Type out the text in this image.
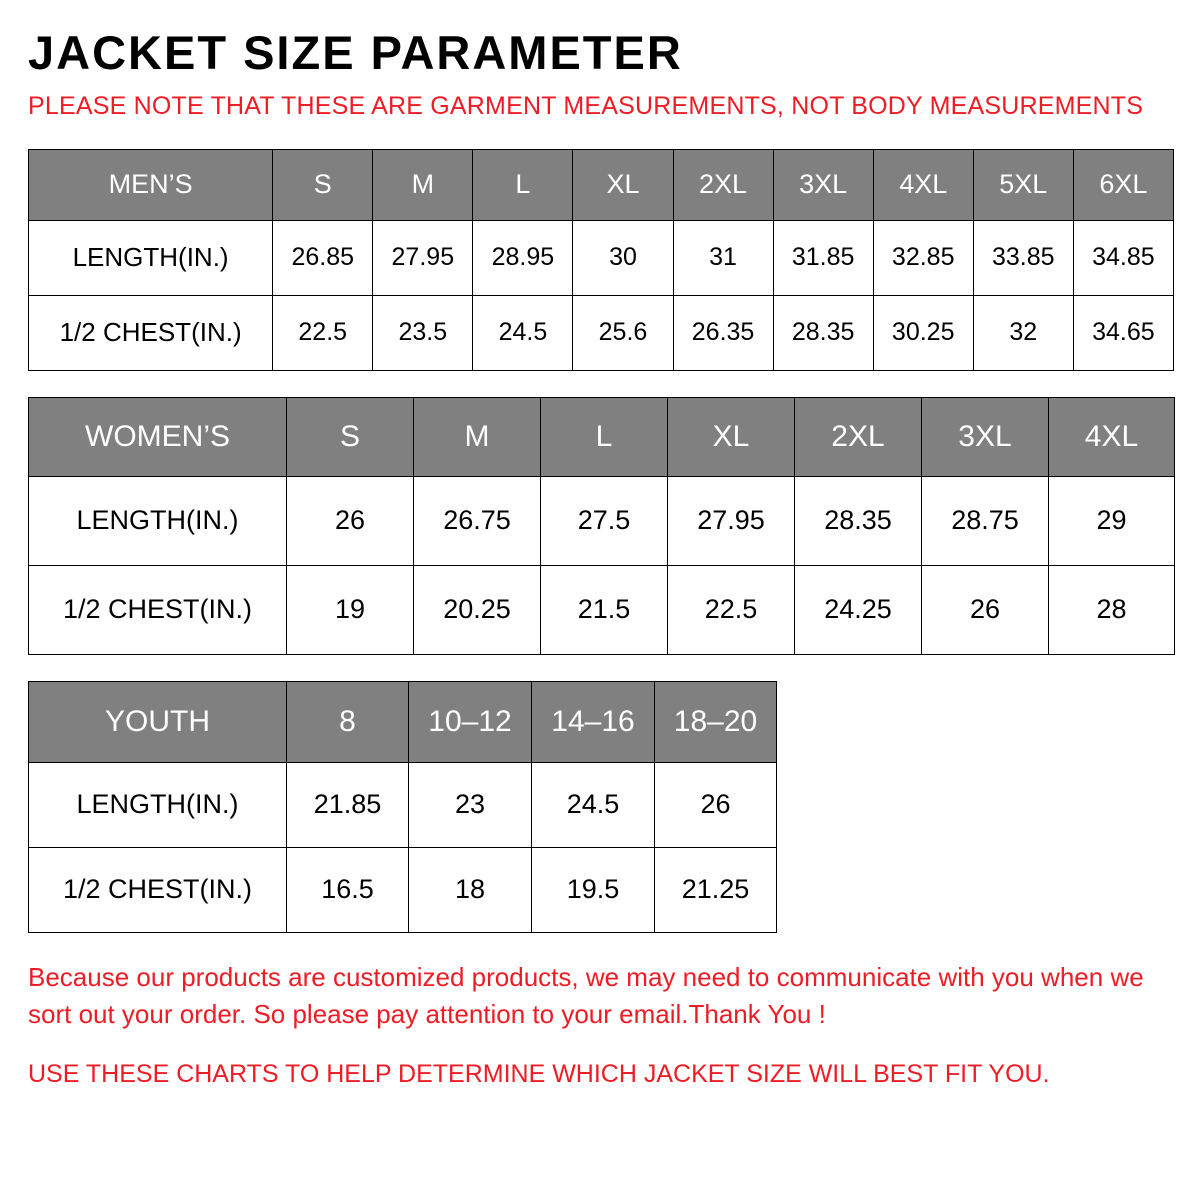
JACKET SIZE PARAMETER

PLEASE NOTE THAT THESE ARE GARMENT MEASUREMENTS, NOT BODY MEASUREMENTS

MEN’S	S	M	L	XL	2XL	3XL	4XL	5XL	6XL
LENGTH(IN.)	26.85	27.95	28.95	30	31	31.85	32.85	33.85	34.85
1/2 CHEST(IN.)	22.5	23.5	24.5	25.6	26.35	28.35	30.25	32	34.65
WOMEN’S	S	M	L	XL	2XL	3XL	4XL
LENGTH(IN.)	26	26.75	27.5	27.95	28.35	28.75	29
1/2 CHEST(IN.)	19	20.25	21.5	22.5	24.25	26	28
YOUTH	8	10–12	14–16	18–20
LENGTH(IN.)	21.85	23	24.5	26
1/2 CHEST(IN.)	16.5	18	19.5	21.25
Because our products are customized products, we may need to communicate with you when we sort out your order. So please pay attention to your email.Thank You !
USE THESE CHARTS TO HELP DETERMINE WHICH JACKET SIZE WILL BEST FIT YOU.
